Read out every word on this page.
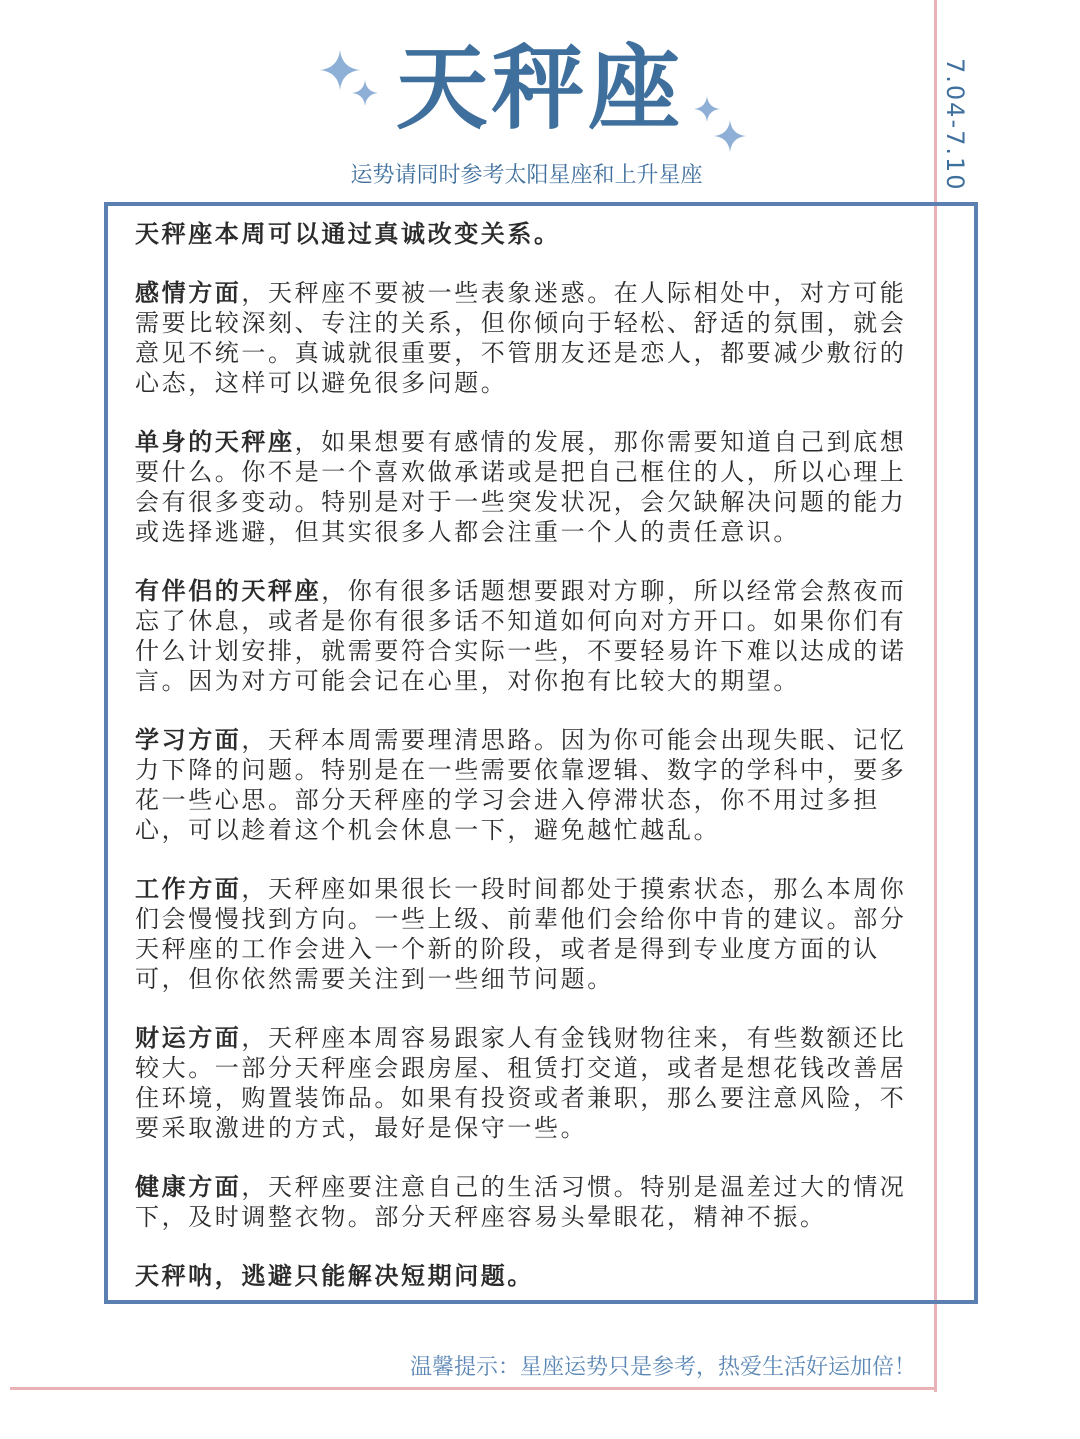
天秤座
运势请同时参考太阳星座和上升星座	7.04-7.10

天秤座本周可以通过真诚改变关系。

感情方面，天秤座不要被一些表象迷惑。在人际相处中，对方可能需要比较深刻、专注的关系，但你倾向于轻松、舒适的氛围，就会意见不统一。真诚就很重要，不管朋友还是恋人，都要减少敷衍的心态，这样可以避免很多问题。

单身的天秤座，如果想要有感情的发展，那你需要知道自己到底想要什么。你不是一个喜欢做承诺或是把自己框住的人，所以心理上会有很多变动。特别是对于一些突发状况，会欠缺解决问题的能力或选择逃避，但其实很多人都会注重一个人的责任意识。

有伴侣的天秤座，你有很多话题想要跟对方聊，所以经常会熬夜而忘了休息，或者是你有很多话不知道如何向对方开口。如果你们有什么计划安排，就需要符合实际一些，不要轻易许下难以达成的诺言。因为对方可能会记在心里，对你抱有比较大的期望。

学习方面，天秤本周需要理清思路。因为你可能会出现失眠、记忆力下降的问题。特别是在一些需要依靠逻辑、数字的学科中，要多花一些心思。部分天秤座的学习会进入停滞状态，你不用过多担心，可以趁着这个机会休息一下，避免越忙越乱。

工作方面，天秤座如果很长一段时间都处于摸索状态，那么本周你们会慢慢找到方向。一些上级、前辈他们会给你中肯的建议。部分天秤座的工作会进入一个新的阶段，或者是得到专业度方面的认可，但你依然需要关注到一些细节问题。

财运方面，天秤座本周容易跟家人有金钱财物往来，有些数额还比较大。一部分天秤座会跟房屋、租赁打交道，或者是想花钱改善居住环境，购置装饰品。如果有投资或者兼职，那么要注意风险，不要采取激进的方式，最好是保守一些。

健康方面，天秤座要注意自己的生活习惯。特别是温差过大的情况下，及时调整衣物。部分天秤座容易头晕眼花，精神不振。

天秤呐，逃避只能解决短期问题。

温馨提示：星座运势只是参考，热爱生活好运加倍！
